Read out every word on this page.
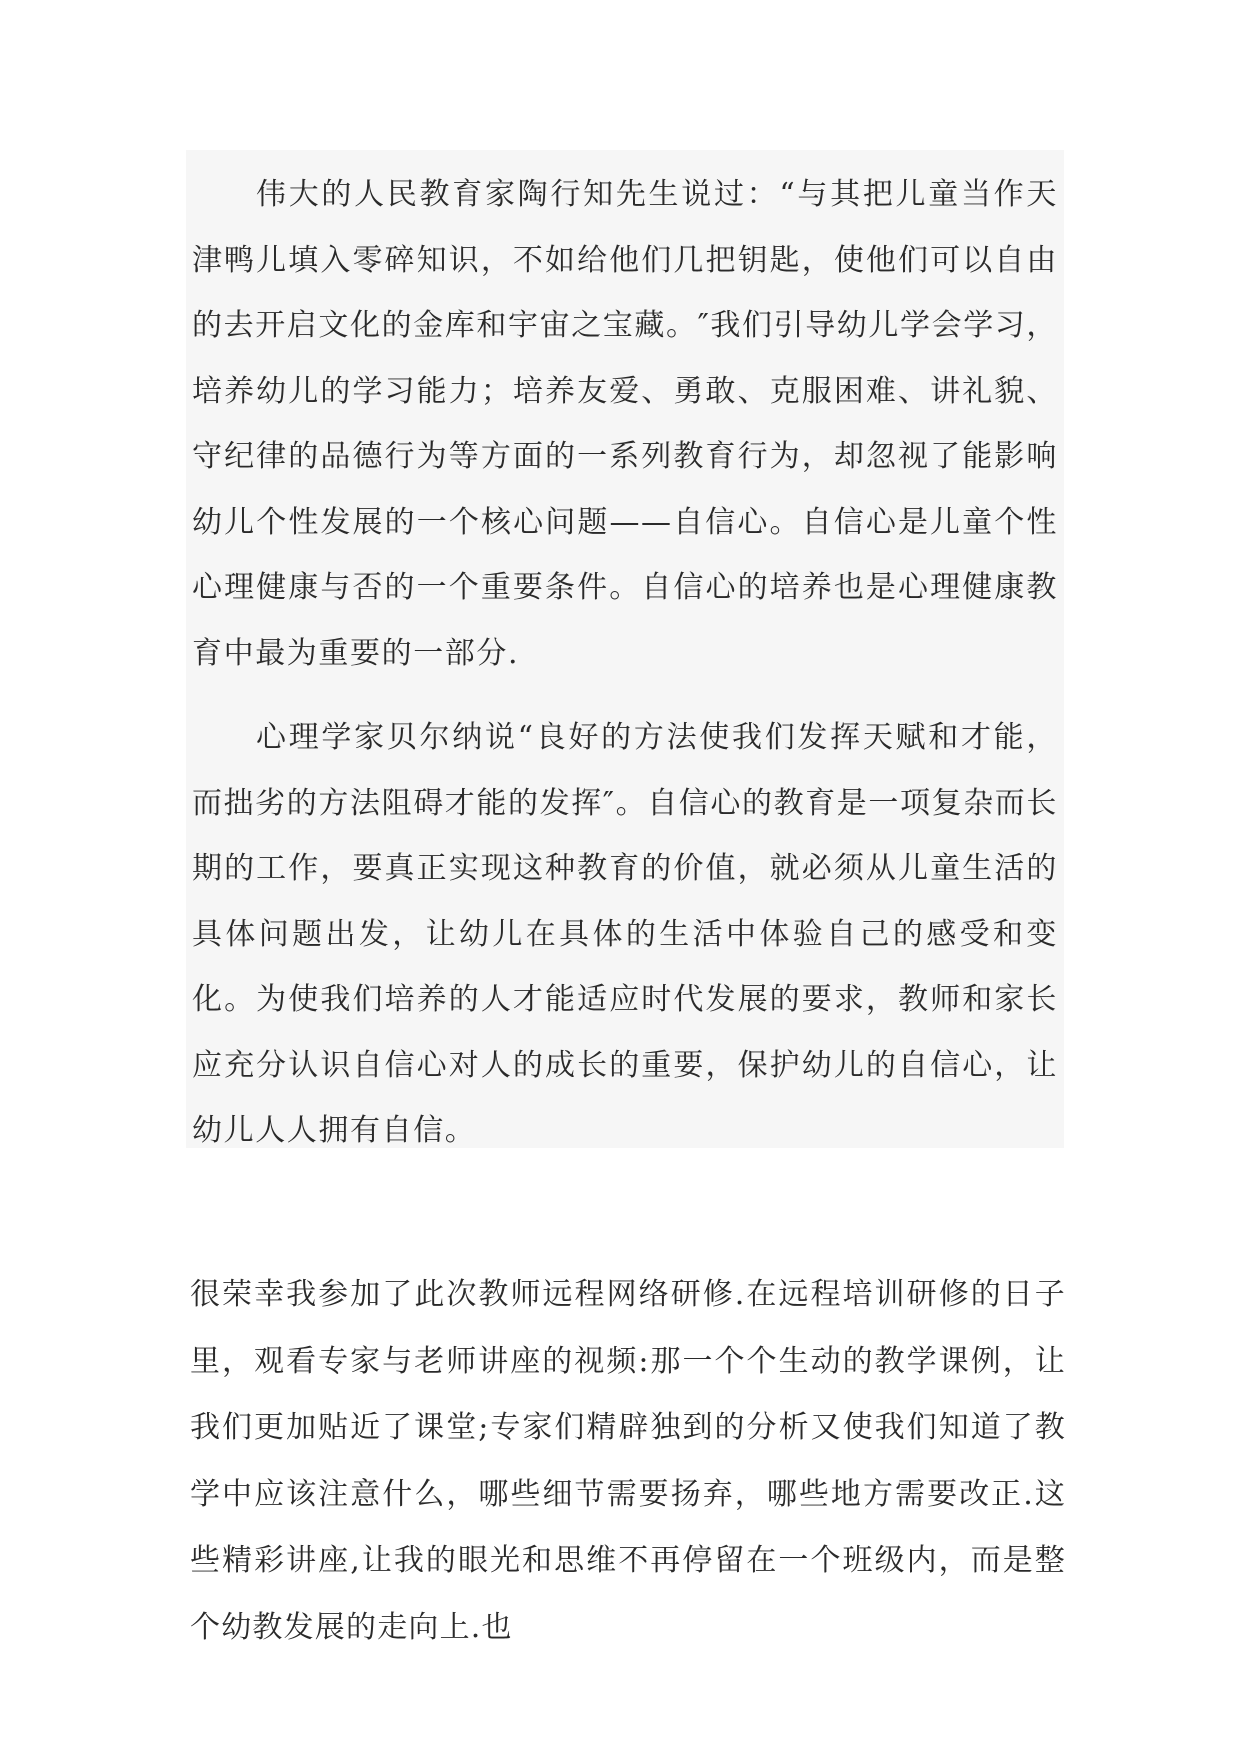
伟大的人民教育家陶行知先生说过：“与其把儿童当作天津鸭儿填入零碎知识，不如给他们几把钥匙，使他们可以自由的去开启文化的金库和宇宙之宝藏。″我们引导幼儿学会学习，培养幼儿的学习能力；培养友爱、勇敢、克服困难、讲礼貌、守纪律的品德行为等方面的一系列教育行为，却忽视了能影响幼儿个性发展的一个核心问题——自信心。自信心是儿童个性心理健康与否的一个重要条件。自信心的培养也是心理健康教育中最为重要的一部分.

心理学家贝尔纳说“良好的方法使我们发挥天赋和才能，而拙劣的方法阻碍才能的发挥″。自信心的教育是一项复杂而长期的工作，要真正实现这种教育的价值，就必须从儿童生活的具体问题出发，让幼儿在具体的生活中体验自己的感受和变化。为使我们培养的人才能适应时代发展的要求，教师和家长应充分认识自信心对人的成长的重要，保护幼儿的自信心，让幼儿人人拥有自信。

很荣幸我参加了此次教师远程网络研修.在远程培训研修的日子里，观看专家与老师讲座的视频:那一个个生动的教学课例，让我们更加贴近了课堂;专家们精辟独到的分析又使我们知道了教学中应该注意什么，哪些细节需要扬弃，哪些地方需要改正.这些精彩讲座,让我的眼光和思维不再停留在一个班级内，而是整个幼教发展的走向上.也
